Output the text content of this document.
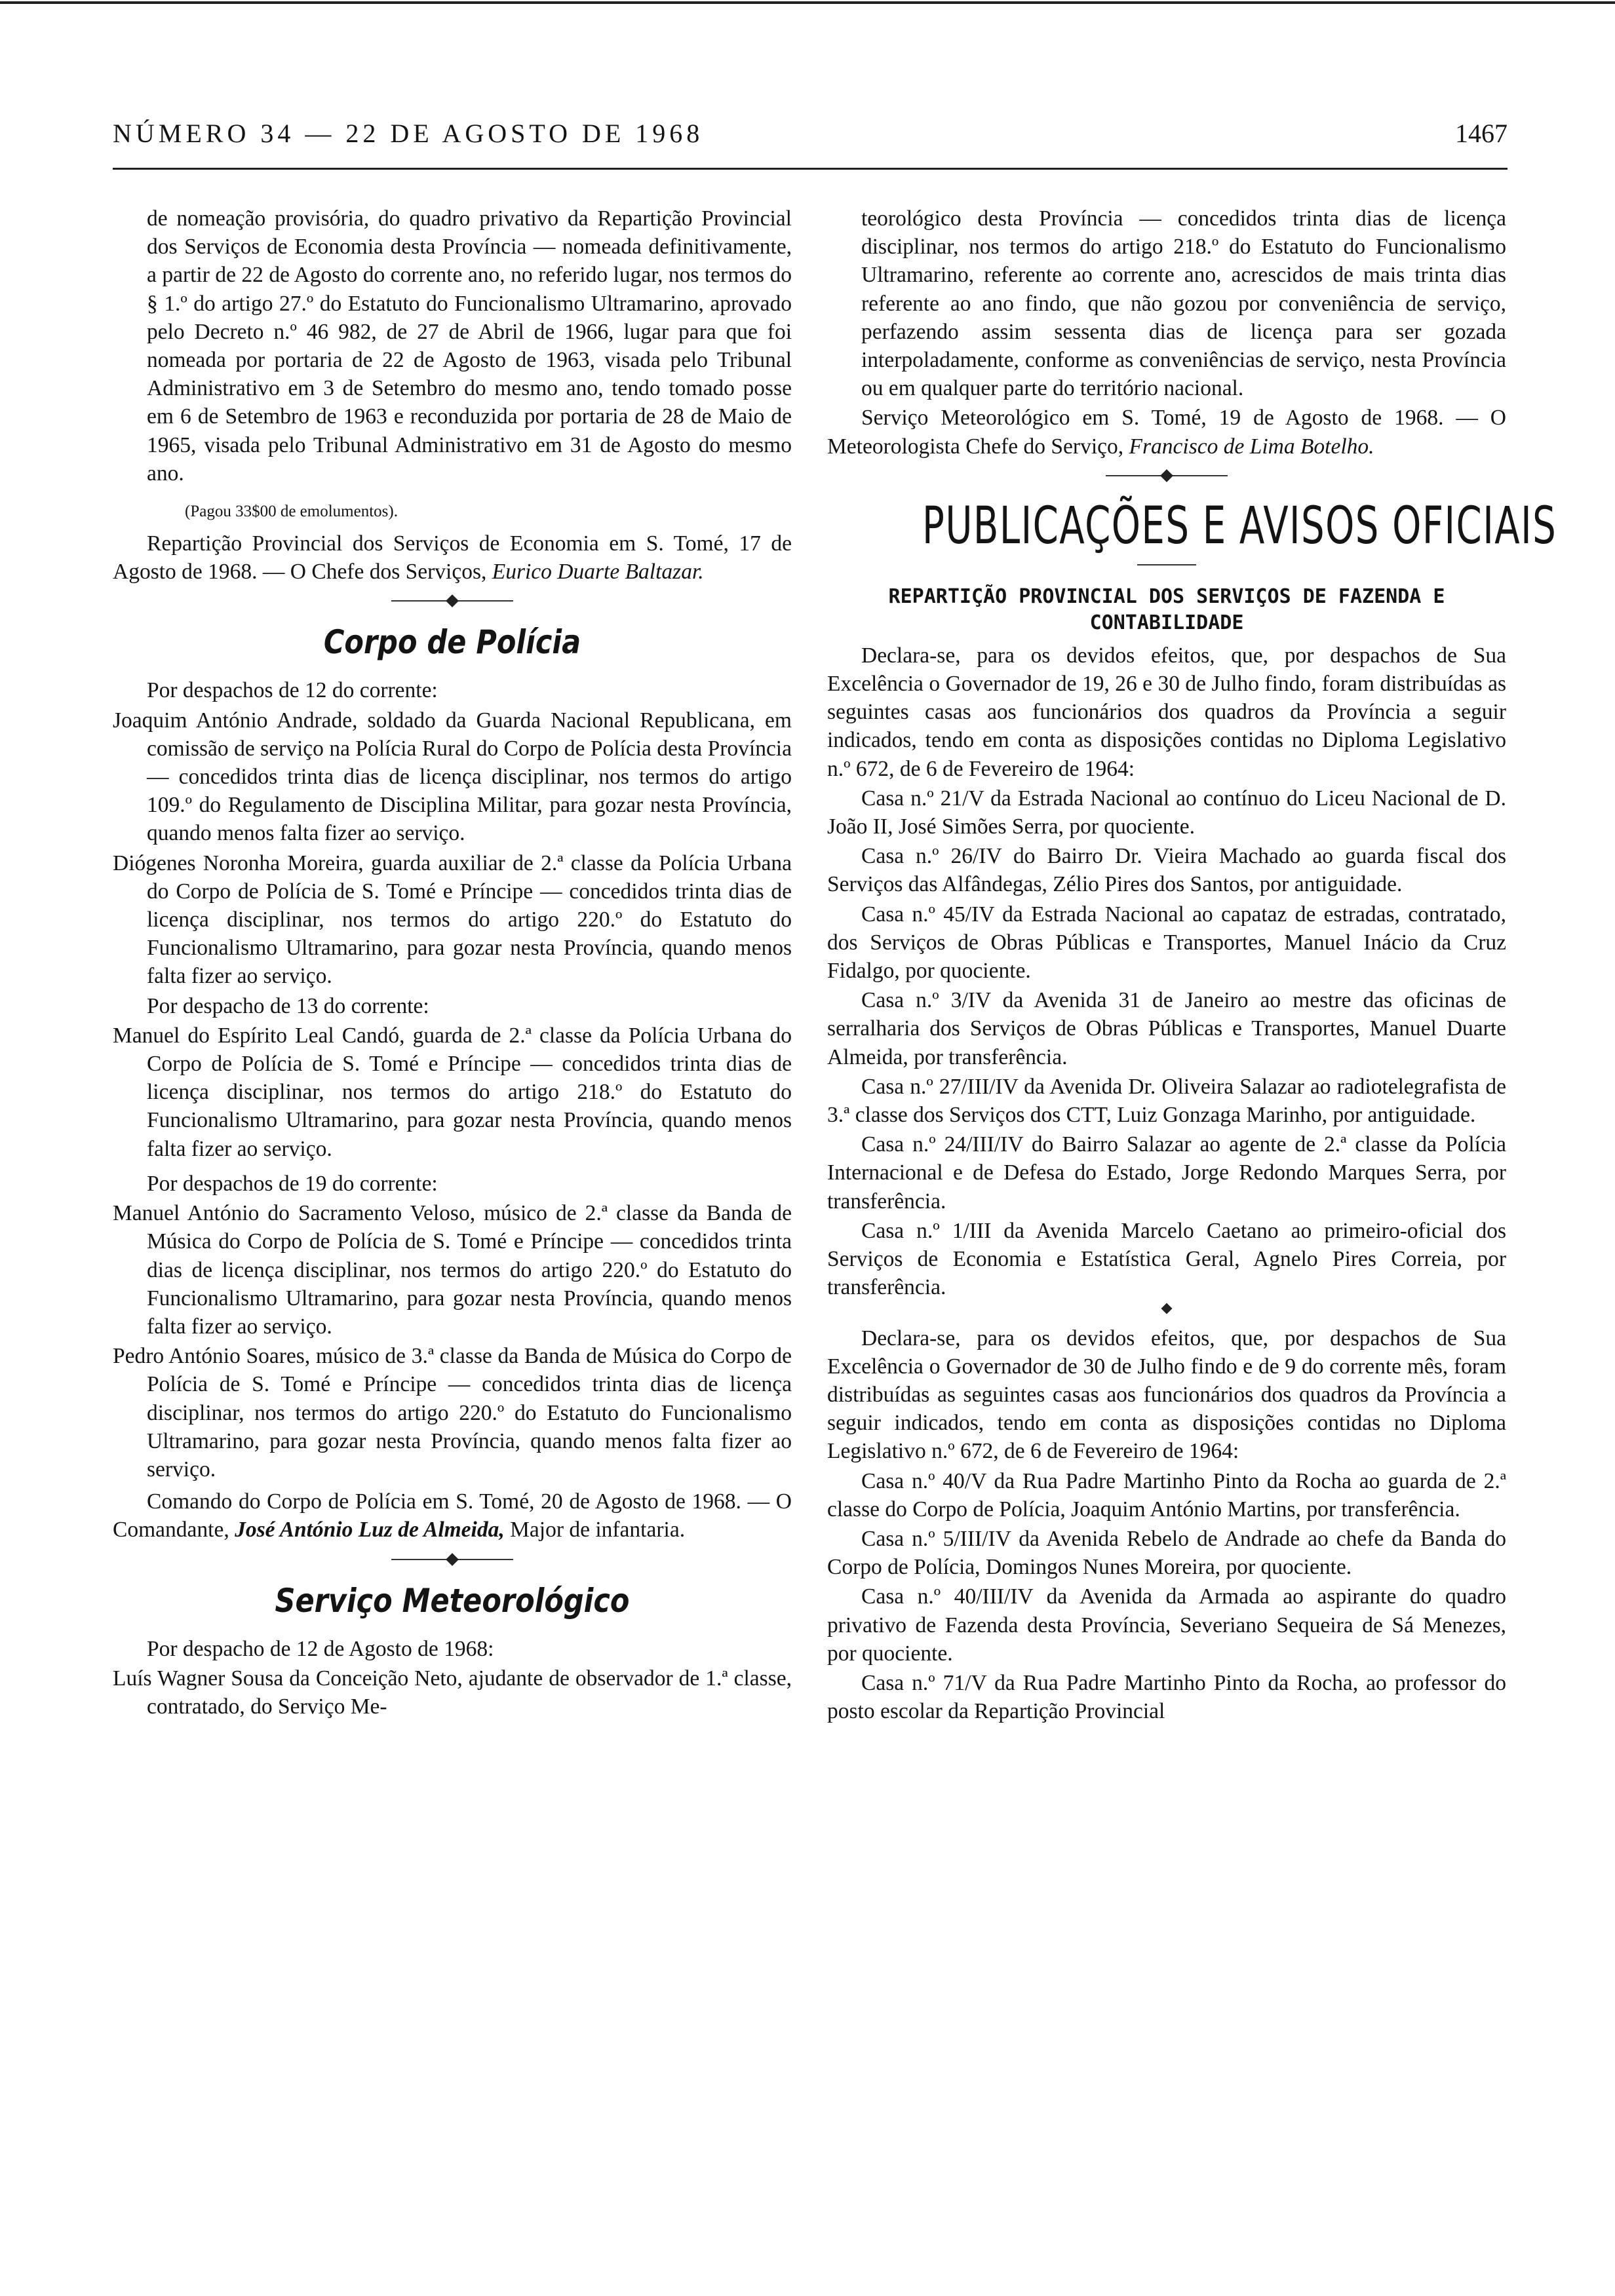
NÚMERO 34 — 22 DE AGOSTO DE 1968	1467

de nomeação provisória, do quadro privativo da Repartição Provincial dos Serviços de Economia desta Província — nomeada definitivamente, a partir de 22 de Agosto do corrente ano, no referido lugar, nos termos do § 1.º do artigo 27.º do Estatuto do Funcionalismo Ultramarino, aprovado pelo Decreto n.º 46 982, de 27 de Abril de 1966, lugar para que foi nomeada por portaria de 22 de Agosto de 1963, visada pelo Tribunal Administrativo em 3 de Setembro do mesmo ano, tendo tomado posse em 6 de Setembro de 1963 e reconduzida por portaria de 28 de Maio de 1965, visada pelo Tribunal Administrativo em 31 de Agosto do mesmo ano.

(Pagou 33$00 de emolumentos).

Repartição Provincial dos Serviços de Economia em S. Tomé, 17 de Agosto de 1968. — O Chefe dos Serviços, Eurico Duarte Baltazar.

Corpo de Polícia

Por despachos de 12 do corrente:

Joaquim António Andrade, soldado da Guarda Nacional Republicana, em comissão de serviço na Polícia Rural do Corpo de Polícia desta Província — concedidos trinta dias de licença disciplinar, nos termos do artigo 109.º do Regulamento de Disciplina Militar, para gozar nesta Província, quando menos falta fizer ao serviço.

Diógenes Noronha Moreira, guarda auxiliar de 2.ª classe da Polícia Urbana do Corpo de Polícia de S. Tomé e Príncipe — concedidos trinta dias de licença disciplinar, nos termos do artigo 220.º do Estatuto do Funcionalismo Ultramarino, para gozar nesta Província, quando menos falta fizer ao serviço.

Por despacho de 13 do corrente:

Manuel do Espírito Leal Candó, guarda de 2.ª classe da Polícia Urbana do Corpo de Polícia de S. Tomé e Príncipe — concedidos trinta dias de licença disciplinar, nos termos do artigo 218.º do Estatuto do Funcionalismo Ultramarino, para gozar nesta Província, quando menos falta fizer ao serviço.

Por despachos de 19 do corrente:

Manuel António do Sacramento Veloso, músico de 2.ª classe da Banda de Música do Corpo de Polícia de S. Tomé e Príncipe — concedidos trinta dias de licença disciplinar, nos termos do artigo 220.º do Estatuto do Funcionalismo Ultramarino, para gozar nesta Província, quando menos falta fizer ao serviço.

Pedro António Soares, músico de 3.ª classe da Banda de Música do Corpo de Polícia de S. Tomé e Príncipe — concedidos trinta dias de licença disciplinar, nos termos do artigo 220.º do Estatuto do Funcionalismo Ultramarino, para gozar nesta Província, quando menos falta fizer ao serviço.

Comando do Corpo de Polícia em S. Tomé, 20 de Agosto de 1968. — O Comandante, José António Luz de Almeida, Major de infantaria.

Serviço Meteorológico

Por despacho de 12 de Agosto de 1968:

Luís Wagner Sousa da Conceição Neto, ajudante de observador de 1.ª classe, contratado, do Serviço Me-

teorológico desta Província — concedidos trinta dias de licença disciplinar, nos termos do artigo 218.º do Estatuto do Funcionalismo Ultramarino, referente ao corrente ano, acrescidos de mais trinta dias referente ao ano findo, que não gozou por conveniência de serviço, perfazendo assim sessenta dias de licença para ser gozada interpoladamente, conforme as conveniências de serviço, nesta Província ou em qualquer parte do território nacional.

Serviço Meteorológico em S. Tomé, 19 de Agosto de 1968. — O Meteorologista Chefe do Serviço, Francisco de Lima Botelho.

PUBLICAÇÕES E AVISOS OFICIAIS

REPARTIÇÃO PROVINCIAL DOS SERVIÇOS DE FAZENDA E CONTABILIDADE

Declara-se, para os devidos efeitos, que, por despachos de Sua Excelência o Governador de 19, 26 e 30 de Julho findo, foram distribuídas as seguintes casas aos funcionários dos quadros da Província a seguir indicados, tendo em conta as disposições contidas no Diploma Legislativo n.º 672, de 6 de Fevereiro de 1964:

Casa n.º 21/V da Estrada Nacional ao contínuo do Liceu Nacional de D. João II, José Simões Serra, por quociente.

Casa n.º 26/IV do Bairro Dr. Vieira Machado ao guarda fiscal dos Serviços das Alfândegas, Zélio Pires dos Santos, por antiguidade.

Casa n.º 45/IV da Estrada Nacional ao capataz de estradas, contratado, dos Serviços de Obras Públicas e Transportes, Manuel Inácio da Cruz Fidalgo, por quociente.

Casa n.º 3/IV da Avenida 31 de Janeiro ao mestre das oficinas de serralharia dos Serviços de Obras Públicas e Transportes, Manuel Duarte Almeida, por transferência.

Casa n.º 27/III/IV da Avenida Dr. Oliveira Salazar ao radiotelegrafista de 3.ª classe dos Serviços dos CTT, Luiz Gonzaga Marinho, por antiguidade.

Casa n.º 24/III/IV do Bairro Salazar ao agente de 2.ª classe da Polícia Internacional e de Defesa do Estado, Jorge Redondo Marques Serra, por transferência.

Casa n.º 1/III da Avenida Marcelo Caetano ao primeiro-oficial dos Serviços de Economia e Estatística Geral, Agnelo Pires Correia, por transferência.

Declara-se, para os devidos efeitos, que, por despachos de Sua Excelência o Governador de 30 de Julho findo e de 9 do corrente mês, foram distribuídas as seguintes casas aos funcionários dos quadros da Província a seguir indicados, tendo em conta as disposições contidas no Diploma Legislativo n.º 672, de 6 de Fevereiro de 1964:

Casa n.º 40/V da Rua Padre Martinho Pinto da Rocha ao guarda de 2.ª classe do Corpo de Polícia, Joaquim António Martins, por transferência.

Casa n.º 5/III/IV da Avenida Rebelo de Andrade ao chefe da Banda do Corpo de Polícia, Domingos Nunes Moreira, por quociente.

Casa n.º 40/III/IV da Avenida da Armada ao aspirante do quadro privativo de Fazenda desta Província, Severiano Sequeira de Sá Menezes, por quociente.

Casa n.º 71/V da Rua Padre Martinho Pinto da Rocha, ao professor do posto escolar da Repartição Provincial
